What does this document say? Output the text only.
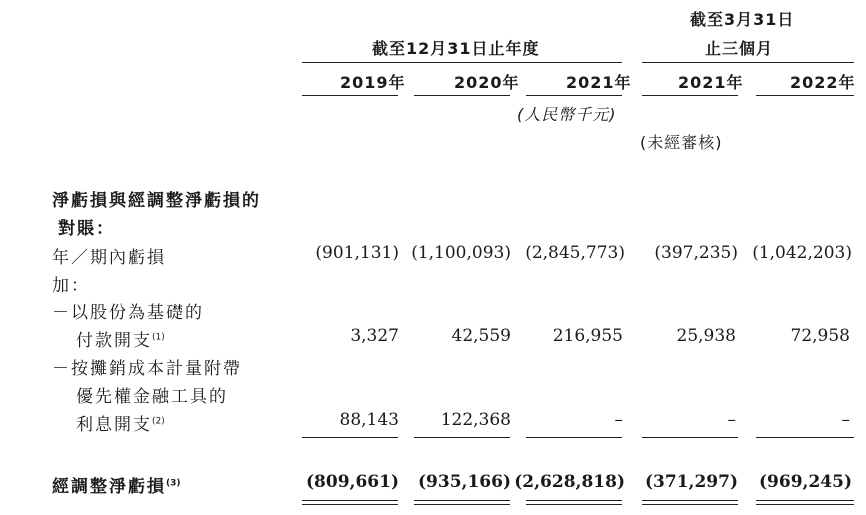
截至12月31日止年度
截至3月31日
止三個月
2019年	2020年	2021年	2021年	2022年
(人民幣千元)
(未經審核)
淨虧損與經調整淨虧損的
對賬：
年／期內虧損	(901,131) (1,100,093) (2,845,773)	(397,235) (1,042,203)
加：
－以股份為基礎的
付款開支$^{(1)}$	3,327	42,559	216,955	25,938	72,958
－按攤銷成本計量附帶
優先權金融工具的
利息開支$^{(2)}$	88,143	122,368	–	–	–
經調整淨虧損$^{(3)}$	(809,661)	(935,166) (2,628,818)	(371,297)	(969,245)
